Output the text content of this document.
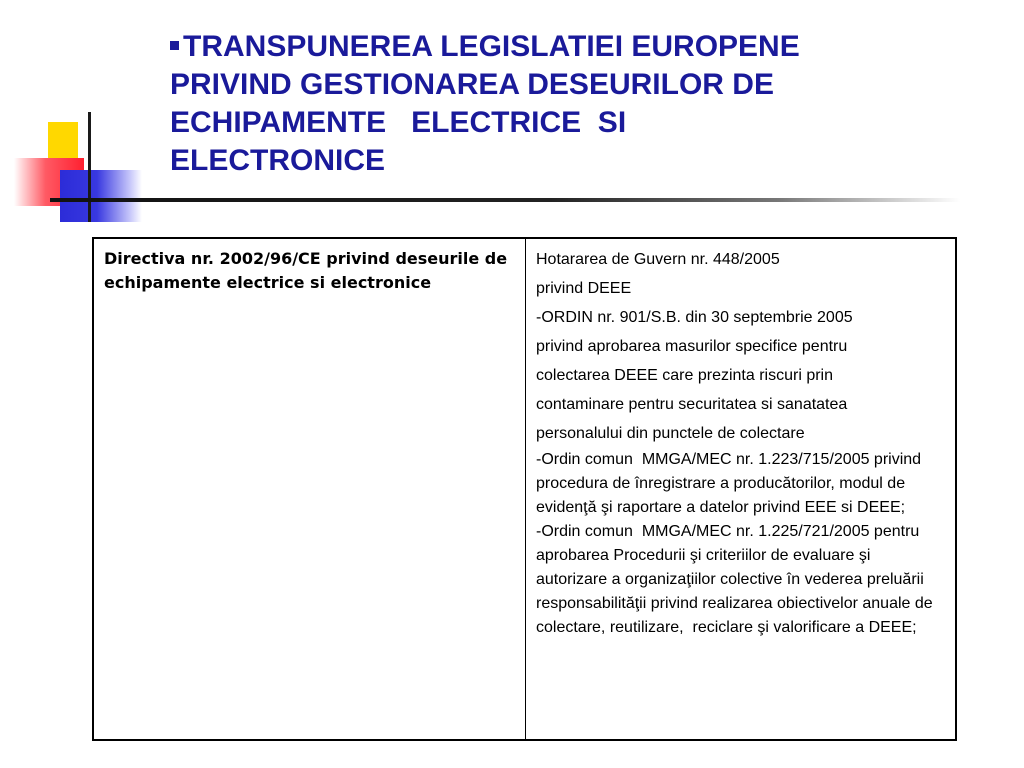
TRANSPUNEREA LEGISLATIEI EUROPENE
PRIVIND GESTIONAREA DESEURILOR DE
ECHIPAMENTE   ELECTRICE  SI
ELECTRONICE
Directiva nr. 2002/96/CE privind deseurile de echipamente electrice si electronice

Hotararea de Guvern nr. 448/2005

privind DEEE

-ORDIN nr. 901/S.B. din 30 septembrie 2005

privind aprobarea masurilor specifice pentru

colectarea DEEE care prezinta riscuri prin

contaminare pentru securitatea si sanatatea

personalului din punctele de colectare

-Ordin comun  MMGA/MEC nr. 1.223/715/2005 privind procedura de înregistrare a producătorilor, modul de evidenţă şi raportare a datelor privind EEE si DEEE;

-Ordin comun  MMGA/MEC nr. 1.225/721/2005 pentru aprobarea Procedurii şi criteriilor de evaluare şi autorizare a organizaţiilor colective în vederea preluării responsabilităţii privind realizarea obiectivelor anuale de colectare, reutilizare,  reciclare şi valorificare a DEEE;
